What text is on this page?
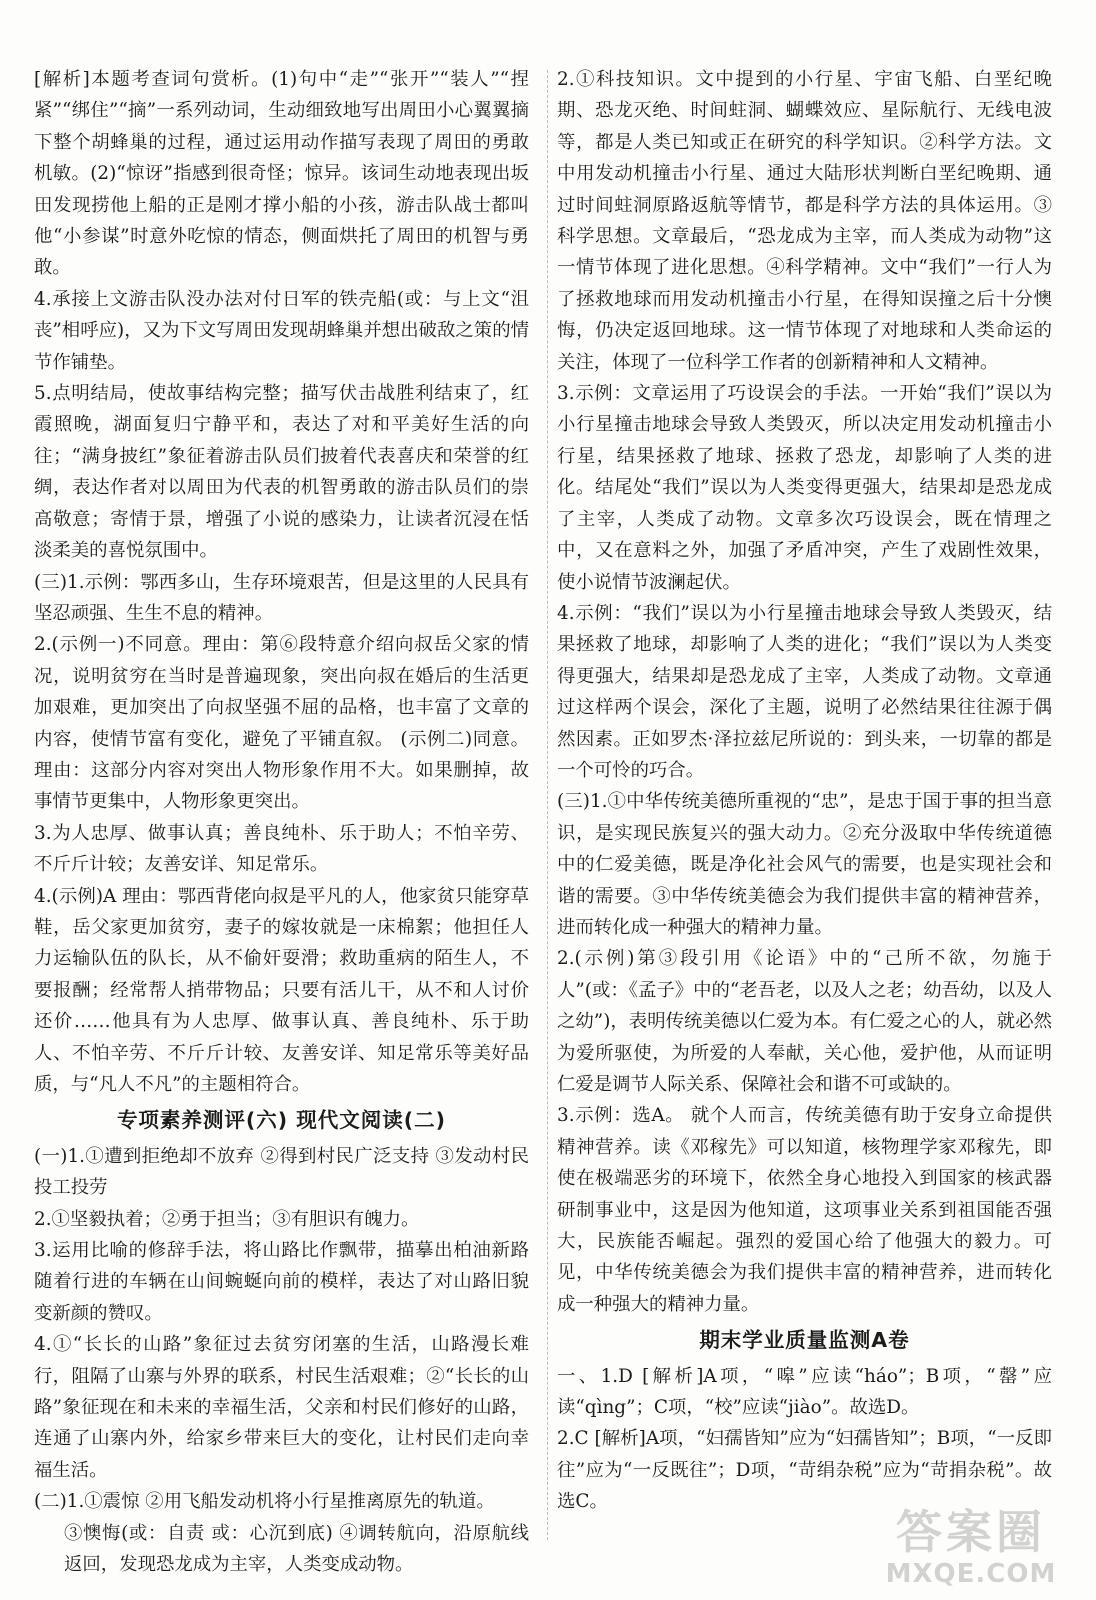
[解析]本题考查词句赏析。(1)句中“走”“张开”“装人”“捏紧”“绑住”“摘”一系列动词，生动细致地写出周田小心翼翼摘下整个胡蜂巢的过程，通过运用动作描写表现了周田的勇敢机敏。(2)“惊讶”指感到很奇怪；惊异。该词生动地表现出坂田发现捞他上船的正是刚才撑小船的小孩，游击队战士都叫他“小参谋”时意外吃惊的情态，侧面烘托了周田的机智与勇敢。
4.承接上文游击队没办法对付日军的铁壳船(或：与上文“沮丧”相呼应)，又为下文写周田发现胡蜂巢并想出破敌之策的情节作铺垫。
5.点明结局，使故事结构完整；描写伏击战胜利结束了，红霞照晚，湖面复归宁静平和，表达了对和平美好生活的向往；“满身披红”象征着游击队员们披着代表喜庆和荣誉的红绸，表达作者对以周田为代表的机智勇敢的游击队员们的崇高敬意；寄情于景，增强了小说的感染力，让读者沉浸在恬淡柔美的喜悦氛围中。
(三)1.示例：鄂西多山，生存环境艰苦，但是这里的人民具有坚忍顽强、生生不息的精神。
2.(示例一)不同意。理由：第⑥段特意介绍向叔岳父家的情况，说明贫穷在当时是普遍现象，突出向叔在婚后的生活更加艰难，更加突出了向叔坚强不屈的品格，也丰富了文章的内容，使情节富有变化，避免了平铺直叙。 (示例二)同意。理由：这部分内容对突出人物形象作用不大。如果删掉，故事情节更集中，人物形象更突出。
3.为人忠厚、做事认真；善良纯朴、乐于助人；不怕辛劳、不斤斤计较；友善安详、知足常乐。
4.(示例)A 理由：鄂西背佬向叔是平凡的人，他家贫只能穿草鞋，岳父家更加贫穷，妻子的嫁妆就是一床棉絮；他担任人力运输队伍的队长，从不偷奸耍滑；救助重病的陌生人，不要报酬；经常帮人捎带物品；只要有活儿干，从不和人讨价还价……他具有为人忠厚、做事认真、善良纯朴、乐于助人、不怕辛劳、不斤斤计较、友善安详、知足常乐等美好品质，与“凡人不凡”的主题相符合。
专项素养测评(六) 现代文阅读(二)
(一)1.①遭到拒绝却不放弃 ②得到村民广泛支持 ③发动村民投工投劳
2.①坚毅执着；②勇于担当；③有胆识有魄力。
3.运用比喻的修辞手法，将山路比作飘带，描摹出柏油新路随着行进的车辆在山间蜿蜒向前的模样，表达了对山路旧貌变新颜的赞叹。
4.①“长长的山路”象征过去贫穷闭塞的生活，山路漫长难行，阻隔了山寨与外界的联系，村民生活艰难；②“长长的山路”象征现在和未来的幸福生活，父亲和村民们修好的山路，连通了山寨内外，给家乡带来巨大的变化，让村民们走向幸福生活。
(二)1.①震惊 ②用飞船发动机将小行星推离原先的轨道。
③懊悔(或：自责 或：心沉到底) ④调转航向，沿原航线返回，发现恐龙成为主宰，人类变成动物。
2.①科技知识。文中提到的小行星、宇宙飞船、白垩纪晚期、恐龙灭绝、时间蛀洞、蝴蝶效应、星际航行、无线电波等，都是人类已知或正在研究的科学知识。②科学方法。文中用发动机撞击小行星、通过大陆形状判断白垩纪晚期、通过时间蛀洞原路返航等情节，都是科学方法的具体运用。③科学思想。文章最后，“恐龙成为主宰，而人类成为动物”这一情节体现了进化思想。④科学精神。文中“我们”一行人为了拯救地球而用发动机撞击小行星，在得知误撞之后十分懊悔，仍决定返回地球。这一情节体现了对地球和人类命运的关注，体现了一位科学工作者的创新精神和人文精神。
3.示例：文章运用了巧设误会的手法。一开始“我们”误以为小行星撞击地球会导致人类毁灭，所以决定用发动机撞击小行星，结果拯救了地球、拯救了恐龙，却影响了人类的进化。结尾处“我们”误以为人类变得更强大，结果却是恐龙成了主宰，人类成了动物。文章多次巧设误会，既在情理之中，又在意料之外，加强了矛盾冲突，产生了戏剧性效果，使小说情节波澜起伏。
4.示例：“我们”误以为小行星撞击地球会导致人类毁灭，结果拯救了地球，却影响了人类的进化；“我们”误以为人类变得更强大，结果却是恐龙成了主宰，人类成了动物。文章通过这样两个误会，深化了主题，说明了必然结果往往源于偶然因素。正如罗杰·泽拉兹尼所说的：到头来，一切靠的都是一个可怜的巧合。
(三)1.①中华传统美德所重视的“忠”，是忠于国于事的担当意识，是实现民族复兴的强大动力。②充分汲取中华传统道德中的仁爱美德，既是净化社会风气的需要，也是实现社会和谐的需要。③中华传统美德会为我们提供丰富的精神营养，进而转化成一种强大的精神力量。
2.(示例)第③段引用《论语》中的“己所不欲，勿施于人”(或：《孟子》中的“老吾老，以及人之老；幼吾幼，以及人之幼”)，表明传统美德以仁爱为本。有仁爱之心的人，就必然为爱所驱使，为所爱的人奉献，关心他，爱护他，从而证明仁爱是调节人际关系、保障社会和谐不可或缺的。
3.示例：选A。 就个人而言，传统美德有助于安身立命提供精神营养。读《邓稼先》可以知道，核物理学家邓稼先，即使在极端恶劣的环境下，依然全身心地投入到国家的核武器研制事业中，这是因为他知道，这项事业关系到祖国能否强大，民族能否崛起。强烈的爱国心给了他强大的毅力。可见，中华传统美德会为我们提供丰富的精神营养，进而转化成一种强大的精神力量。
期末学业质量监测A卷
一、1.D [解析]A项，“嗥”应读“háo”；B项，“罄”应读“qìng”；C项，“校”应读“jiào”。故选D。
2.C [解析]A项，“妇孺皆知”应为“妇孺皆知”；B项，“一反即往”应为“一反既往”；D项，“苛绢杂税”应为“苛捐杂税”。故选C。
答案圈
MXQE.COM
